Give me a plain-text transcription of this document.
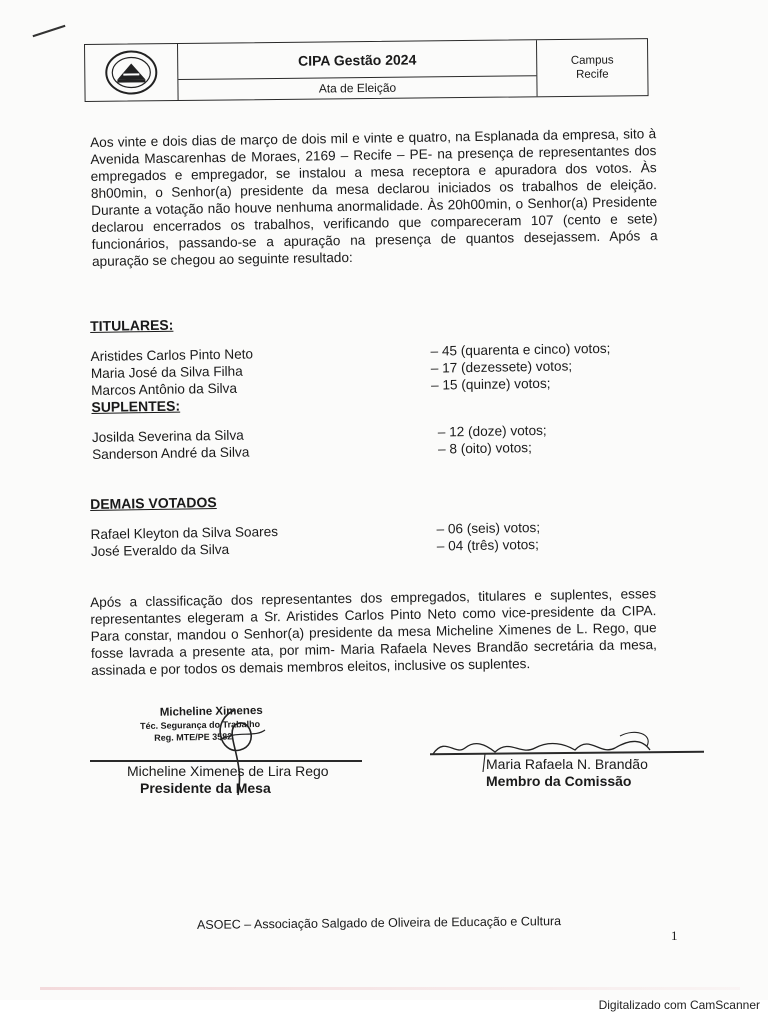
CIPA Gestão 2024
Ata de Eleição
Campus
Recife

Aos vinte e dois dias de março de dois mil e vinte e quatro, na Esplanada da empresa, sito à Avenida Mascarenhas de Moraes, 2169 – Recife – PE- na presença de representantes dos empregados e empregador, se instalou a mesa receptora e apuradora dos votos. Às 8h00min, o Senhor(a) presidente da mesa declarou iniciados os trabalhos de eleição. Durante a votação não houve nenhuma anormalidade. Às 20h00min, o Senhor(a) Presidente declarou encerrados os trabalhos, verificando que compareceram 107 (cento e sete) funcionários, passando-se a apuração na presença de quantos desejassem. Após a apuração se chegou ao seguinte resultado:

TITULARES:
Aristides Carlos Pinto Neto	– 45 (quarenta e cinco) votos;
Maria José da Silva Filha	– 17 (dezessete) votos;
Marcos Antônio da Silva	– 15 (quinze) votos;
SUPLENTES:
Josilda Severina da Silva	– 12 (doze) votos;
Sanderson André da Silva	– 8 (oito) votos;
DEMAIS VOTADOS
Rafael Kleyton da Silva Soares	– 06 (seis) votos;
José Everaldo da Silva	– 04 (três) votos;

Após a classificação dos representantes dos empregados, titulares e suplentes, esses representantes elegeram a Sr. Aristides Carlos Pinto Neto como vice-presidente da CIPA. Para constar, mandou o Senhor(a) presidente da mesa Micheline Ximenes de L. Rego, que fosse lavrada a presente ata, por mim- Maria Rafaela Neves Brandão secretária da mesa, assinada e por todos os demais membros eleitos, inclusive os suplentes.

Micheline Ximenes
Téc. Segurança do Trabalho
Reg. MTE/PE 3582
Micheline Ximenes de Lira Rego
Presidente da Mesa
Maria Rafaela N. Brandão
Membro da Comissão
ASOEC – Associação Salgado de Oliveira de Educação e Cultura
1
Digitalizado com CamScanner
